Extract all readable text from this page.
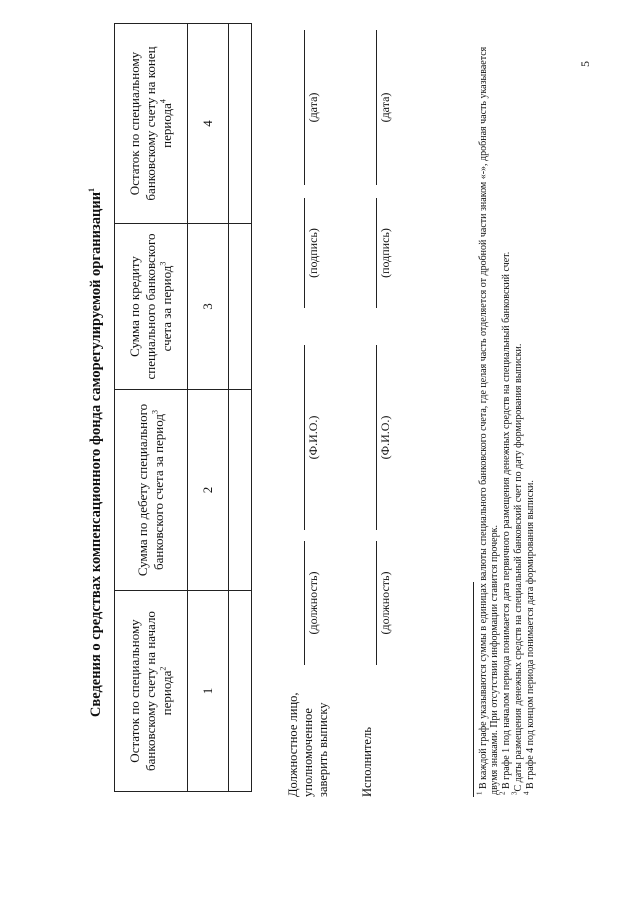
Сведения о средствах компенсационного фонда саморегулируемой организации$^1$
Остаток по специальному банковскому счету на начало периода$^2$	Сумма по дебету специального банковского счета за период$^3$	Сумма по кредиту специального банковского счета за период$^3$	Остаток по специальному банковскому счету на конец периода$^4$
1	2	3	4

Должностное лицо, уполномоченное заверить выписку
(должность)
(Ф.И.О.)
(подпись)
(дата)
Исполнитель
(должность)
(Ф.И.О.)
(подпись)
(дата)
$^1$ В каждой графе указываются суммы в единицах валюты специального банковского счета, где целая часть отделяется от дробной части знаком «-», дробная часть указывается двумя знаками. При отсутствии информации ставится прочерк.
$^2$ В графе 1 под началом периода понимается дата первичного размещения денежных средств на специальный банковский счет.
$^3$С даты размещения денежных средств на специальный банковский счет по дату формирования выписки.
$^4$ В графе 4 под концом периода понимается дата формирования выписки.
5
